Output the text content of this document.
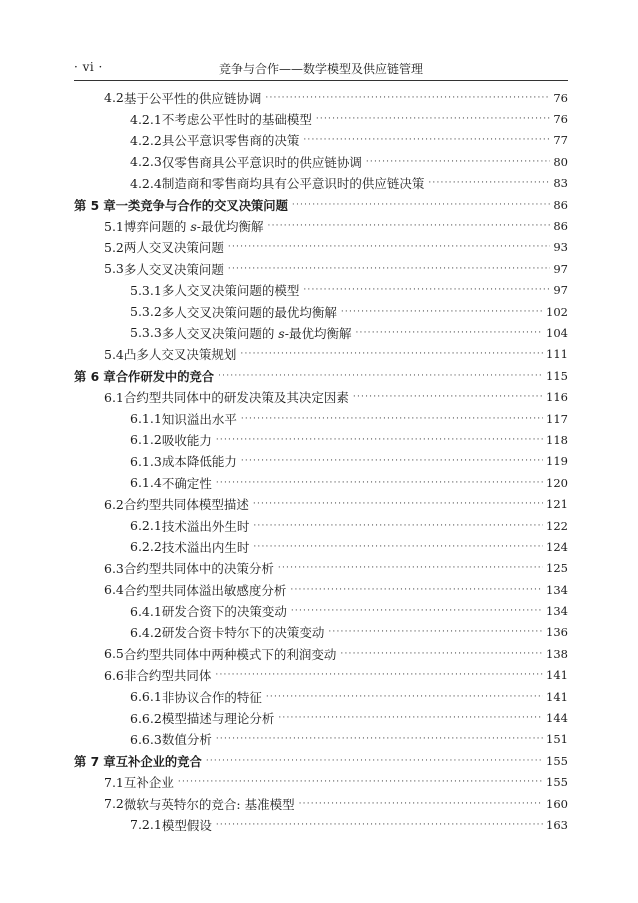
· vi ·	竞争与合作——数学模型及供应链管理
4.2 基于公平性的供应链协调 ·····	76
4.2.1 不考虑公平性时的基础模型 ·····	76
4.2.2 具公平意识零售商的决策 ·····	77
4.2.3 仅零售商具公平意识时的供应链协调 ·····	80
4.2.4 制造商和零售商均具有公平意识时的供应链决策 ·····	83
第 5 章 一类竞争与合作的交叉决策问题 ·····	86
5.1 博弈问题的 s-最优均衡解 ·····	86
5.2 两人交叉决策问题 ·····	93
5.3 多人交叉决策问题 ·····	97
5.3.1 多人交叉决策问题的模型 ·····	97
5.3.2 多人交叉决策问题的最优均衡解 ·····	102
5.3.3 多人交叉决策问题的 s-最优均衡解 ·····	104
5.4 凸多人交叉决策规划 ·····	111
第 6 章 合作研发中的竞合 ·····	115
6.1 合约型共同体中的研发决策及其决定因素 ·····	116
6.1.1 知识溢出水平 ·····	117
6.1.2 吸收能力 ·····	118
6.1.3 成本降低能力 ·····	119
6.1.4 不确定性 ·····	120
6.2 合约型共同体模型描述 ·····	121
6.2.1 技术溢出外生时 ·····	122
6.2.2 技术溢出内生时 ·····	124
6.3 合约型共同体中的决策分析 ·····	125
6.4 合约型共同体溢出敏感度分析 ·····	134
6.4.1 研发合资下的决策变动 ·····	134
6.4.2 研发合资卡特尔下的决策变动 ·····	136
6.5 合约型共同体中两种模式下的利润变动 ·····	138
6.6 非合约型共同体 ·····	141
6.6.1 非协议合作的特征 ·····	141
6.6.2 模型描述与理论分析 ·····	144
6.6.3 数值分析 ·····	151
第 7 章 互补企业的竞合 ·····	155
7.1 互补企业 ·····	155
7.2 微软与英特尔的竞合: 基准模型 ·····	160
7.2.1 模型假设 ·····	163
